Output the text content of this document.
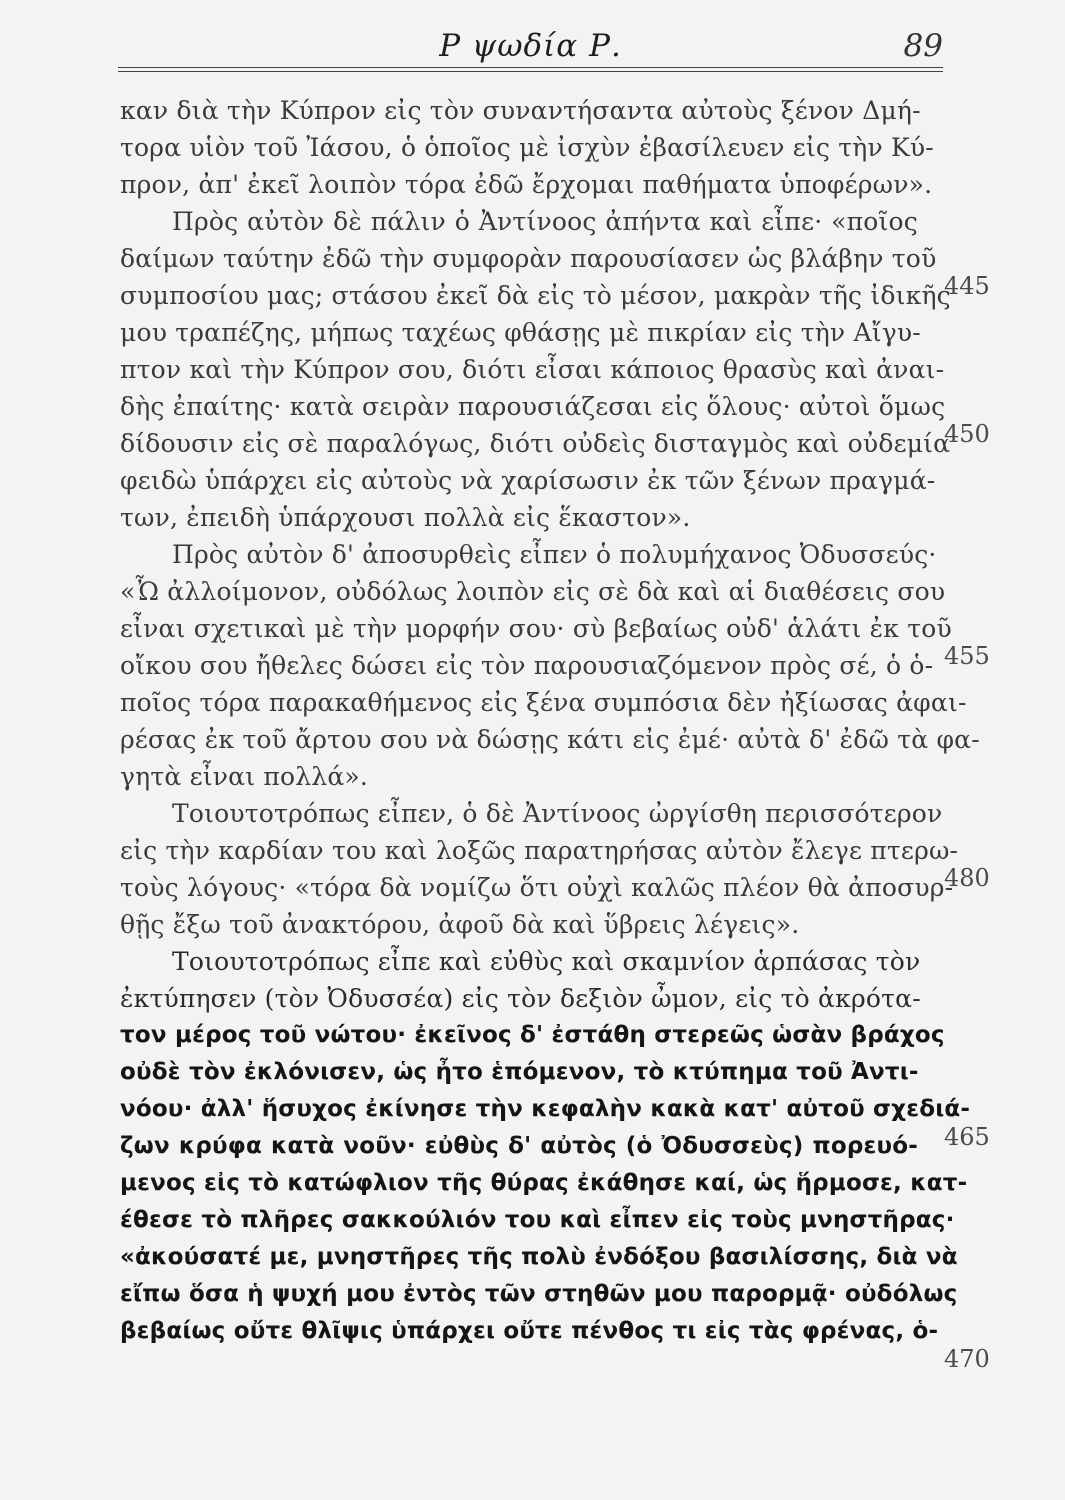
Ρ ψωδία Ρ.	89
καν διὰ τὴν Κύπρον εἰς τὸν συναντήσαντα αὐτοὺς ξένον Δμή-
τορα υἱὸν τοῦ Ἰάσου, ὁ ὁποῖος μὲ ἰσχὺν ἐβασίλευεν εἰς τὴν Κύ-
προν, ἀπ' ἐκεῖ λοιπὸν τόρα ἐδῶ ἔρχομαι παθήματα ὑποφέρων».
Πρὸς αὐτὸν δὲ πάλιν ὁ Ἀντίνοος ἀπήντα καὶ εἶπε· «ποῖος
δαίμων ταύτην ἐδῶ τὴν συμφορὰν παρουσίασεν ὡς βλάβην τοῦ
συμποσίου μας; στάσου ἐκεῖ δὰ εἰς τὸ μέσον, μακρὰν τῆς ἰδικῆς
μου τραπέζης, μήπως ταχέως φθάσῃς μὲ πικρίαν εἰς τὴν Αἴγυ-
πτον καὶ τὴν Κύπρον σου, διότι εἶσαι κάποιος θρασὺς καὶ ἀναι-
δὴς ἐπαίτης· κατὰ σειρὰν παρουσιάζεσαι εἰς ὅλους· αὐτοὶ ὅμως
δίδουσιν εἰς σὲ παραλόγως, διότι οὐδεὶς δισταγμὸς καὶ οὐδεμία
φειδὼ ὑπάρχει εἰς αὐτοὺς νὰ χαρίσωσιν ἐκ τῶν ξένων πραγμά-
των, ἐπειδὴ ὑπάρχουσι πολλὰ εἰς ἕκαστον».
Πρὸς αὐτὸν δ' ἀποσυρθεὶς εἶπεν ὁ πολυμήχανος Ὀδυσσεύς·
«Ὦ ἀλλοίμονον, οὐδόλως λοιπὸν εἰς σὲ δὰ καὶ αἱ διαθέσεις σου
εἶναι σχετικαὶ μὲ τὴν μορφήν σου· σὺ βεβαίως οὐδ' ἁλάτι ἐκ τοῦ
οἴκου σου ἤθελες δώσει εἰς τὸν παρουσιαζόμενον πρὸς σέ, ὁ ὁ-
ποῖος τόρα παρακαθήμενος εἰς ξένα συμπόσια δὲν ἠξίωσας ἀφαι-
ρέσας ἐκ τοῦ ἄρτου σου νὰ δώσῃς κάτι εἰς ἐμέ· αὐτὰ δ' ἐδῶ τὰ φα-
γητὰ εἶναι πολλά».
Τοιουτοτρόπως εἶπεν, ὁ δὲ Ἀντίνοος ὠργίσθη περισσότερον
εἰς τὴν καρδίαν του καὶ λοξῶς παρατηρήσας αὐτὸν ἔλεγε πτερω-
τοὺς λόγους· «τόρα δὰ νομίζω ὅτι οὐχὶ καλῶς πλέον θὰ ἀποσυρ-
θῇς ἔξω τοῦ ἀνακτόρου, ἀφοῦ δὰ καὶ ὕβρεις λέγεις».
Τοιουτοτρόπως εἶπε καὶ εὐθὺς καὶ σκαμνίον ἁρπάσας τὸν
ἐκτύπησεν (τὸν Ὀδυσσέα) εἰς τὸν δεξιὸν ὦμον, εἰς τὸ ἀκρότα-
τον μέρος τοῦ νώτου· ἐκεῖνος δ' ἐστάθη στερεῶς ὡσὰν βράχος
οὐδὲ τὸν ἐκλόνισεν, ὡς ἦτο ἑπόμενον, τὸ κτύπημα τοῦ Ἀντι-
νόου· ἀλλ' ἥσυχος ἐκίνησε τὴν κεφαλὴν κακὰ κατ' αὐτοῦ σχεδιά-
ζων κρύφα κατὰ νοῦν· εὐθὺς δ' αὐτὸς (ὁ Ὀδυσσεὺς) πορευό-
μενος εἰς τὸ κατώφλιον τῆς θύρας ἐκάθησε καί, ὡς ἥρμοσε, κατ-
έθεσε τὸ πλῆρες σακκούλιόν του καὶ εἶπεν εἰς τοὺς μνηστῆρας·
«ἀκούσατέ με, μνηστῆρες τῆς πολὺ ἐνδόξου βασιλίσσης, διὰ νὰ
εἴπω ὅσα ἡ ψυχή μου ἐντὸς τῶν στηθῶν μου παρορμᾷ· οὐδόλως
βεβαίως οὔτε θλῖψις ὑπάρχει οὔτε πένθος τι εἰς τὰς φρένας, ὁ-
445
450
455
480
465
470
